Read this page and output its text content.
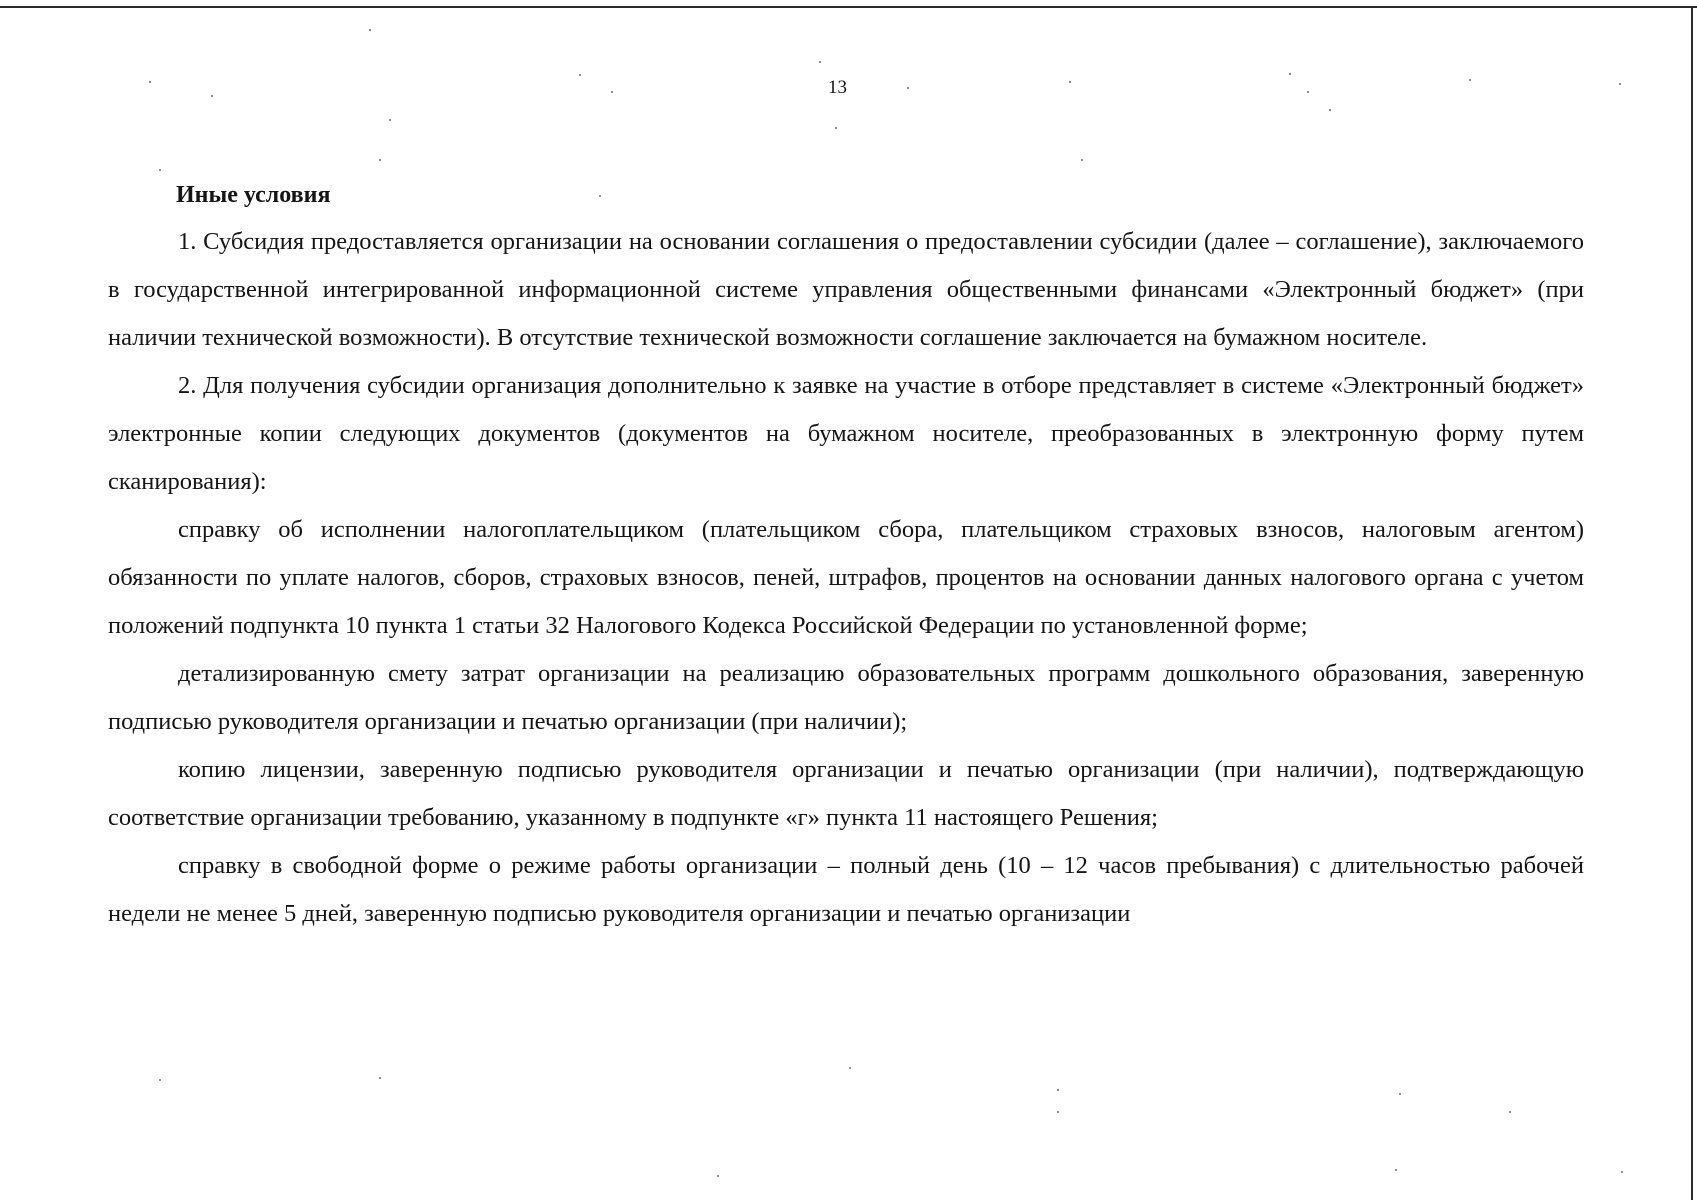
13
Иные условия

1. Субсидия предоставляется организации на основании соглашения о предоставлении субсидии (далее – соглашение), заключаемого в государственной интегрированной информационной системе управления общественными финансами «Электронный бюджет» (при наличии технической возможности). В отсутствие технической возможности соглашение заключается на бумажном носителе.

2. Для получения субсидии организация дополнительно к заявке на участие в отборе представляет в системе «Электронный бюджет» электронные копии следующих документов (документов на бумажном носителе, преобразованных в электронную форму путем сканирования):

справку об исполнении налогоплательщиком (плательщиком сбора, плательщиком страховых взносов, налоговым агентом) обязанности по уплате налогов, сборов, страховых взносов, пеней, штрафов, процентов на основании данных налогового органа с учетом положений подпункта 10 пункта 1 статьи 32 Налогового Кодекса Российской Федерации по установленной форме;

детализированную смету затрат организации на реализацию образовательных программ дошкольного образования, заверенную подписью руководителя организации и печатью организации (при наличии);

копию лицензии, заверенную подписью руководителя организации и печатью организации (при наличии), подтверждающую соответствие организации требованию, указанному в подпункте «г» пункта 11 настоящего Решения;

справку в свободной форме о режиме работы организации – полный день (10 – 12 часов пребывания) с длительностью рабочей недели не менее 5 дней, заверенную подписью руководителя организации и печатью организации
